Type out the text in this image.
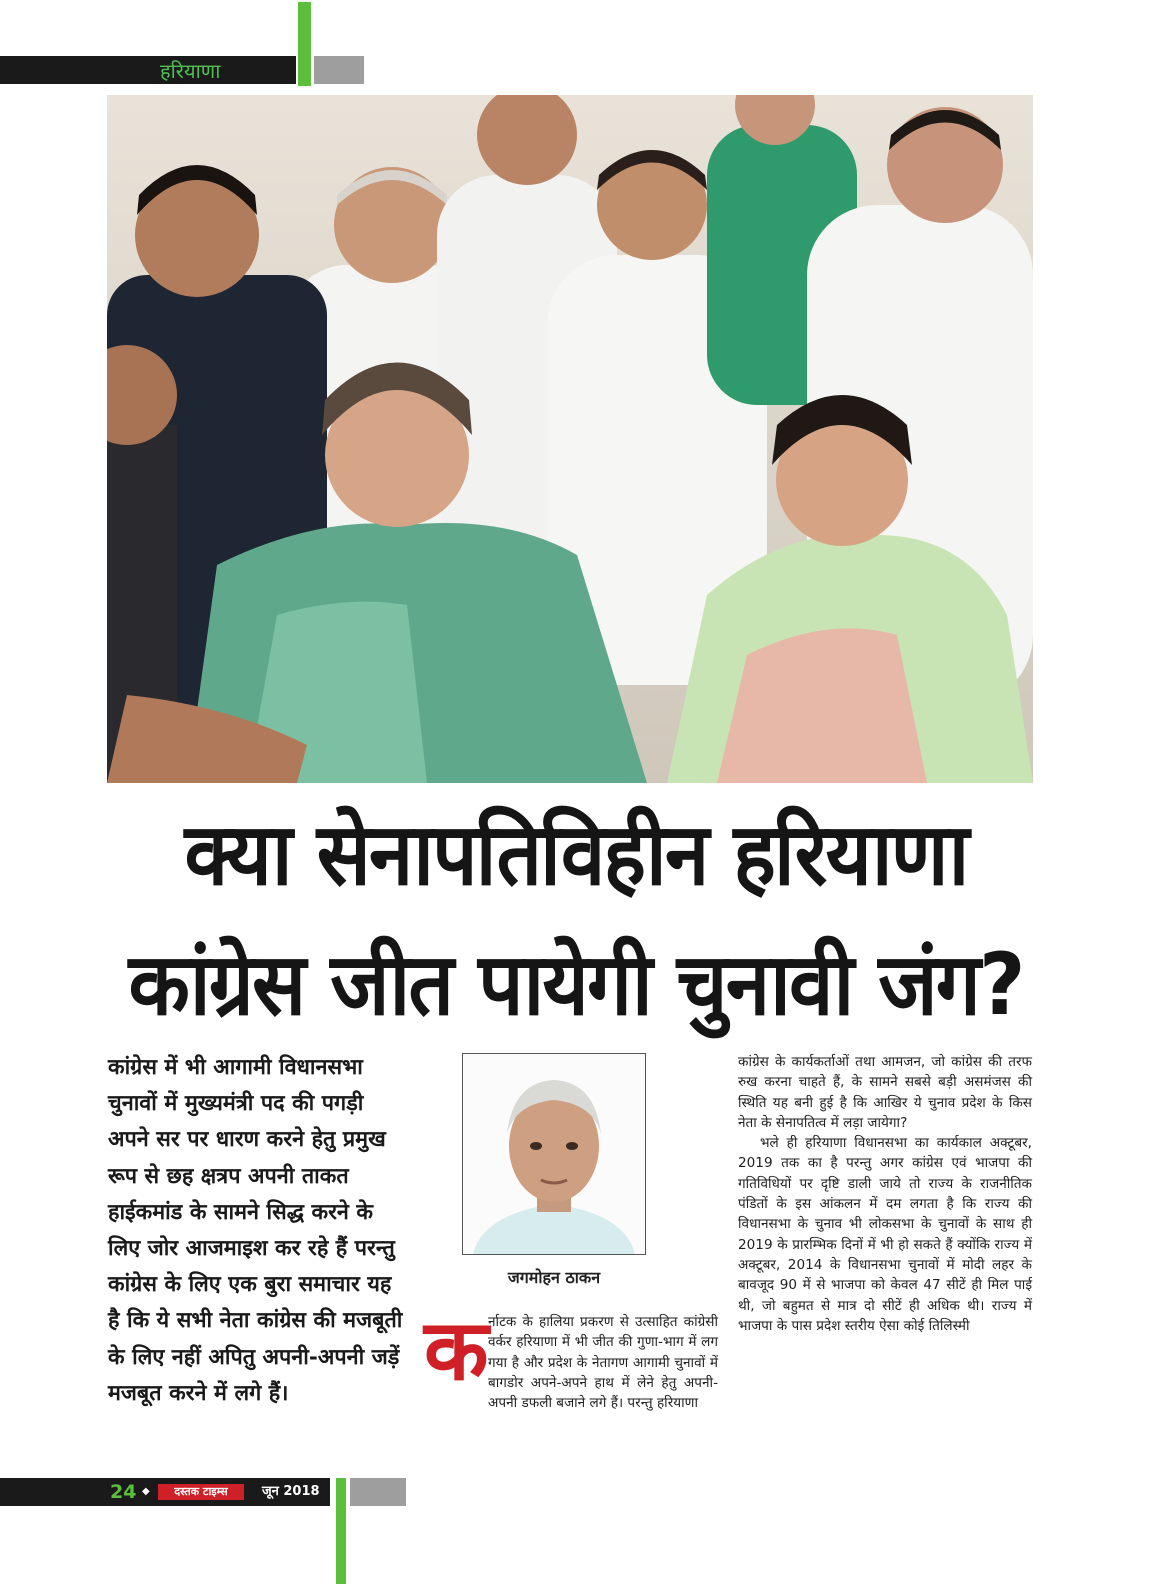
हरियाणा
क्या सेनापतिविहीन हरियाणा
कांग्रेस जीत पायेगी चुनावी जंग?
कांग्रेस में भी आगामी विधानसभा चुनावों में मुख्यमंत्री पद की पगड़ी अपने सर पर धारण करने हेतु प्रमुख रूप से छह क्षत्रप अपनी ताकत हाईकमांड के सामने सिद्ध करने के लिए जोर आजमाइश कर रहे हैं परन्तु कांग्रेस के लिए एक बुरा समाचार यह है कि ये सभी नेता कांग्रेस की मजबूती के लिए नहीं अपितु अपनी-अपनी जड़ें मजबूत करने में लगे हैं।
जगमोहन ठाकन
क र्नाटक के हालिया प्रकरण से उत्साहित कांग्रेसी वर्कर हरियाणा में भी जीत की गुणा-भाग में लग गया है और प्रदेश के नेतागण आगामी चुनावों में बागडोर अपने-अपने हाथ में लेने हेतु अपनी-अपनी डफली बजाने लगे हैं। परन्तु हरियाणा

कांग्रेस के कार्यकर्ताओं तथा आमजन, जो कांग्रेस की तरफ रुख करना चाहते हैं, के सामने सबसे बड़ी असमंजस की स्थिति यह बनी हुई है कि आखिर ये चुनाव प्रदेश के किस नेता के सेनापतित्व में लड़ा जायेगा?

भले ही हरियाणा विधानसभा का कार्यकाल अक्टूबर, 2019 तक का है परन्तु अगर कांग्रेस एवं भाजपा की गतिविधियों पर दृष्टि डाली जाये तो राज्य के राजनीतिक पंडितों के इस आंकलन में दम लगता है कि राज्य की विधानसभा के चुनाव भी लोकसभा के चुनावों के साथ ही 2019 के प्रारम्भिक दिनों में भी हो सकते हैं क्योंकि राज्य में अक्टूबर, 2014 के विधानसभा चुनावों में मोदी लहर के बावजूद 90 में से भाजपा को केवल 47 सीटें ही मिल पाई थी, जो बहुमत से मात्र दो सीटें ही अधिक थी। राज्य में भाजपा के पास प्रदेश स्तरीय ऐसा कोई तिलिस्मी

24 ◆	दस्तक टाइम्स	जून 2018
